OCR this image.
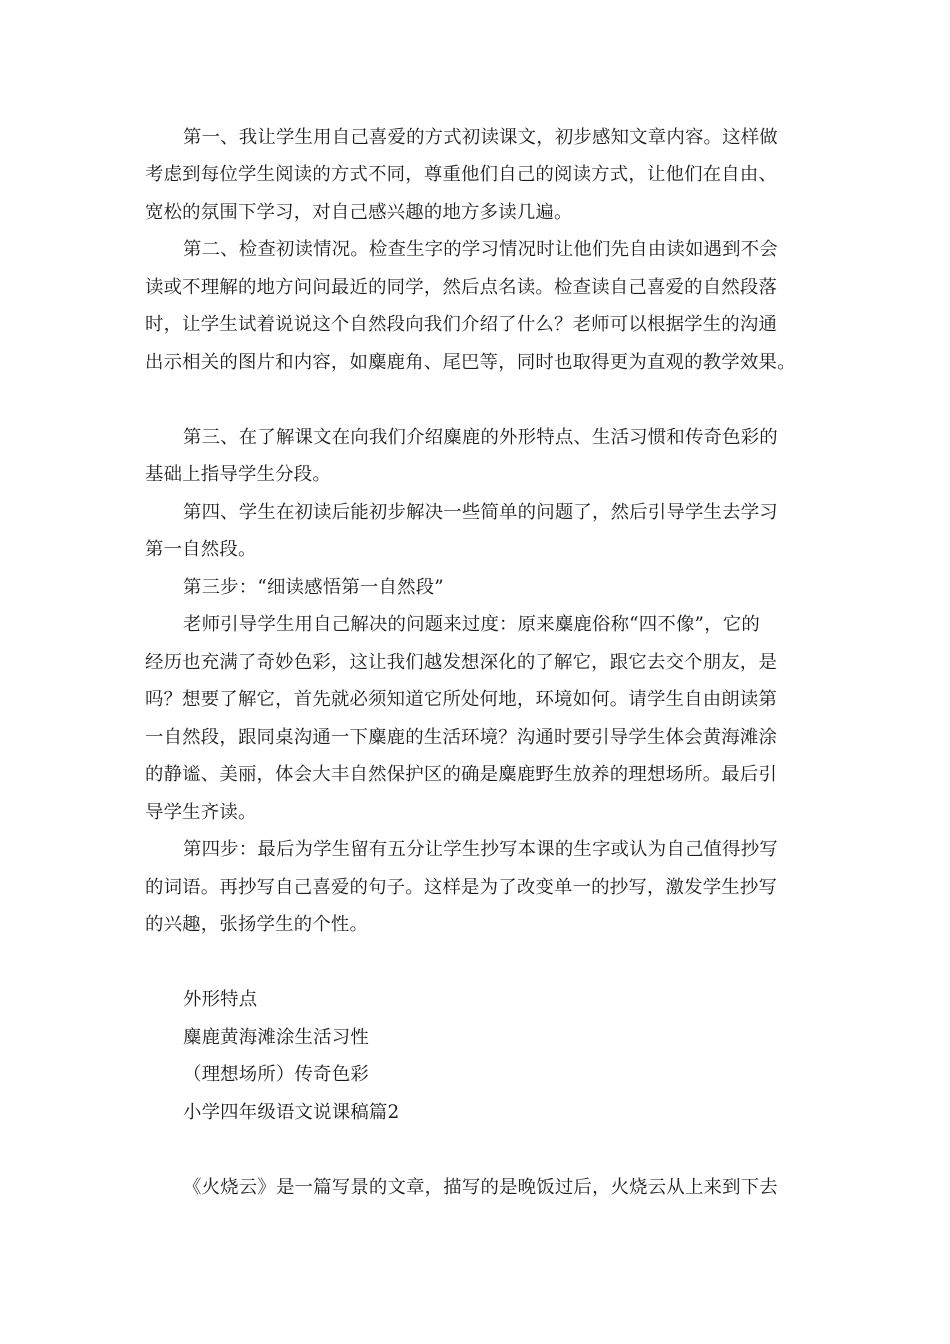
第一、我让学生用自己喜爱的方式初读课文，初步感知文章内容。这样做
考虑到每位学生阅读的方式不同，尊重他们自己的阅读方式，让他们在自由、
宽松的氛围下学习，对自己感兴趣的地方多读几遍。
第二、检查初读情况。检查生字的学习情况时让他们先自由读如遇到不会
读或不理解的地方问问最近的同学，然后点名读。检查读自己喜爱的自然段落
时，让学生试着说说这个自然段向我们介绍了什么？老师可以根据学生的沟通
出示相关的图片和内容，如麋鹿角、尾巴等，同时也取得更为直观的教学效果。
第三、在了解课文在向我们介绍麋鹿的外形特点、生活习惯和传奇色彩的
基础上指导学生分段。
第四、学生在初读后能初步解决一些简单的问题了，然后引导学生去学习
第一自然段。
第三步：“细读感悟第一自然段”
老师引导学生用自己解决的问题来过度：原来麋鹿俗称“四不像”，它的
经历也充满了奇妙色彩，这让我们越发想深化的了解它，跟它去交个朋友，是
吗？想要了解它，首先就必须知道它所处何地，环境如何。请学生自由朗读第
一自然段，跟同桌沟通一下麋鹿的生活环境？沟通时要引导学生体会黄海滩涂
的静谧、美丽，体会大丰自然保护区的确是麋鹿野生放养的理想场所。最后引
导学生齐读。
第四步：最后为学生留有五分让学生抄写本课的生字或认为自己值得抄写
的词语。再抄写自己喜爱的句子。这样是为了改变单一的抄写，激发学生抄写
的兴趣，张扬学生的个性。
外形特点
麋鹿黄海滩涂生活习性
（理想场所）传奇色彩
小学四年级语文说课稿篇2
《火烧云》是一篇写景的文章，描写的是晚饭过后，火烧云从上来到下去
